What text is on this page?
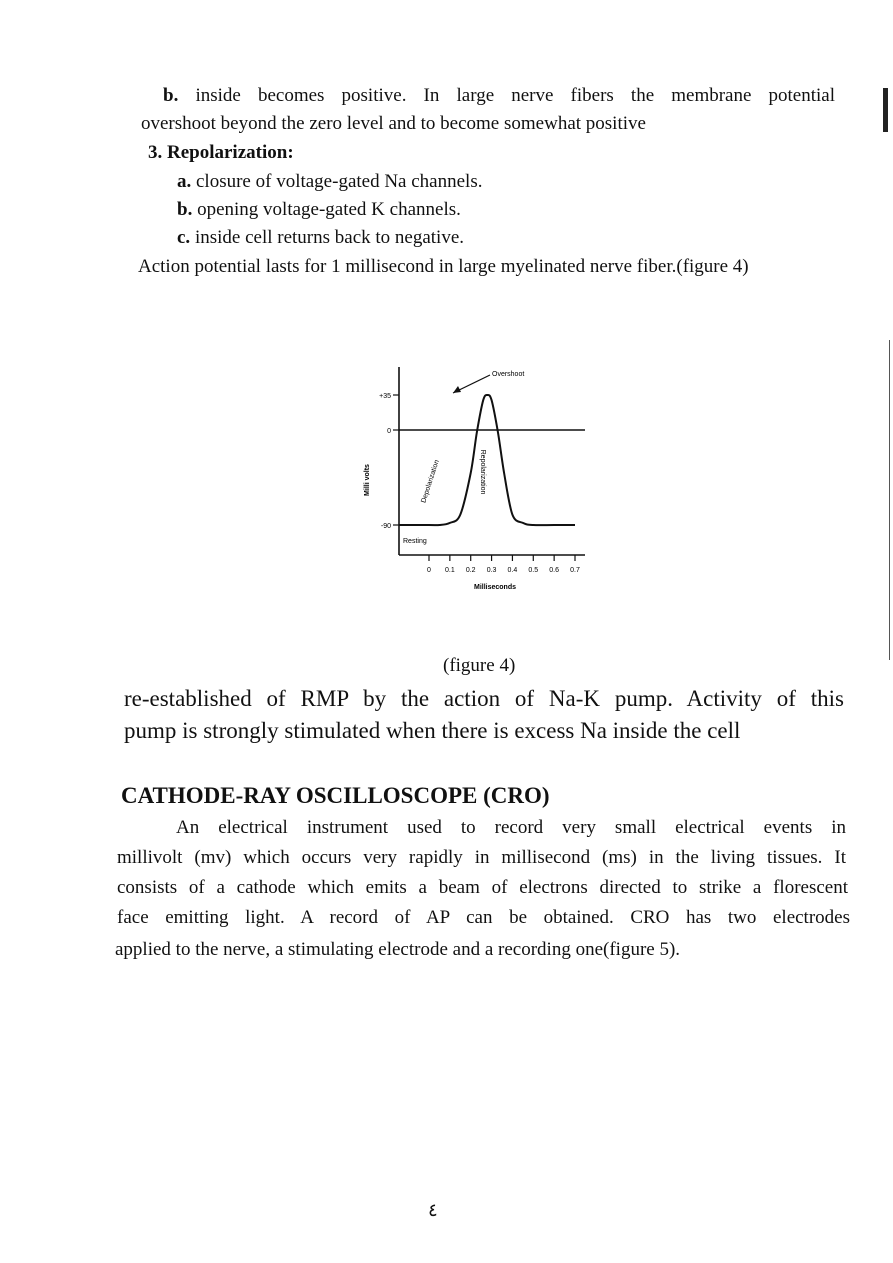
b. inside becomes positive. In large nerve fibers the membrane potential
overshoot beyond the zero level and to become somewhat positive
3. Repolarization:
a. closure of voltage-gated Na channels.
b. opening voltage-gated K channels.
c. inside cell returns back to negative.
Action potential lasts for 1 millisecond in large myelinated nerve fiber.(figure 4)
+35
0
-90
Milli volts
Overshoot
Depolarization	Repolarization
Resting
0 0.1 0.2 0.3 0.4 0.5 0.6 0.7
Milliseconds
(figure 4)
re-established of RMP by the action of Na-K pump. Activity of this
pump is strongly stimulated when there is excess Na inside the cell
CATHODE-RAY OSCILLOSCOPE (CRO)
An electrical instrument used to record very small electrical events in
millivolt (mv) which occurs very rapidly in millisecond (ms) in the living tissues. It
consists of a cathode which emits a beam of electrons directed to strike a florescent
face emitting light. A record of AP can be obtained. CRO has two electrodes
applied to the nerve, a stimulating electrode and a recording one(figure 5).
٤
